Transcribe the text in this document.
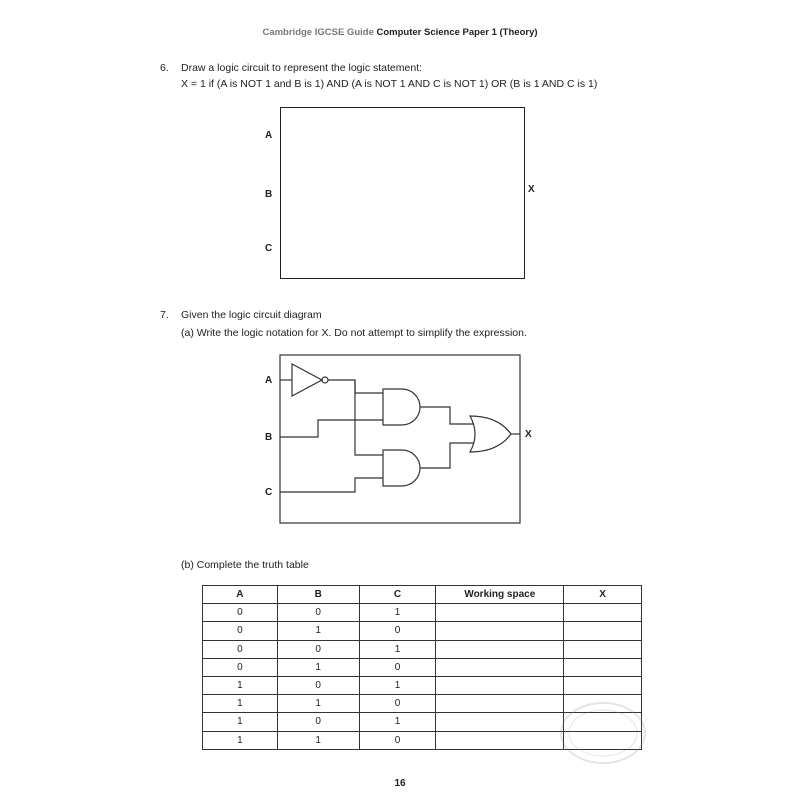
Cambridge IGCSE Guide Computer Science Paper 1 (Theory)
6. Draw a logic circuit to represent the logic statement:
X = 1 if (A is NOT 1 and B is 1) AND (A is NOT 1 AND C is NOT 1) OR (B is 1 AND C is 1)
A
B
C
X
7. Given the logic circuit diagram
(a) Write the logic notation for X. Do not attempt to simplify the expression.
A
B
C
X
(b) Complete the truth table
A	B	C	Working space	X
0	0	1		
0	1	0		
0	0	1		
0	1	0		
1	0	1		
1	1	0		
1	0	1		
1	1	0		
16
